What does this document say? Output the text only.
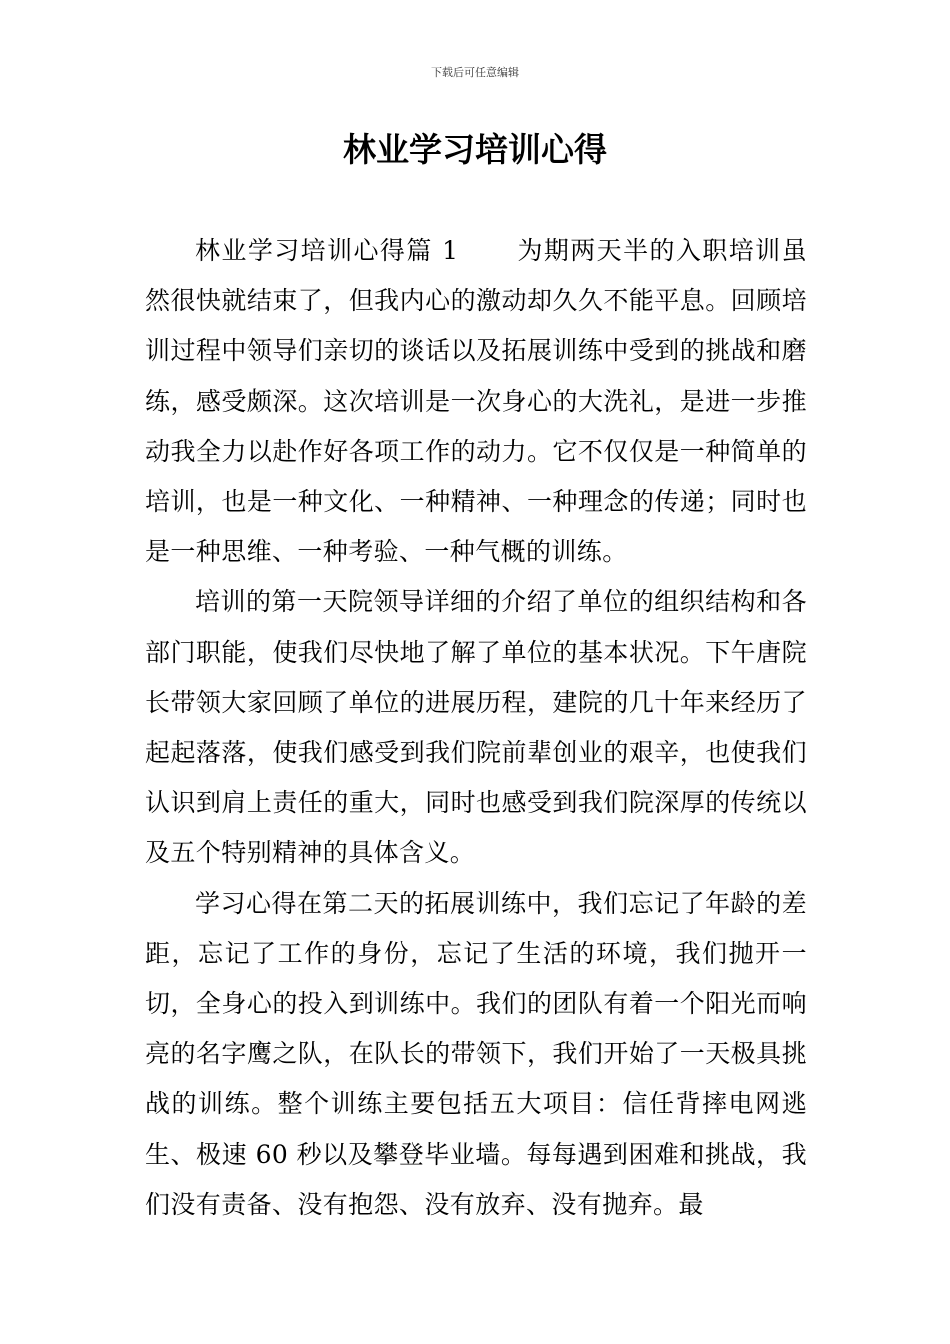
下载后可任意编辑
林业学习培训心得

林业学习培训心得篇 1 为期两天半的入职培训虽然很快就结束了，但我内心的激动却久久不能平息。回顾培训过程中领导们亲切的谈话以及拓展训练中受到的挑战和磨练，感受颇深。这次培训是一次身心的大洗礼，是进一步推动我全力以赴作好各项工作的动力。它不仅仅是一种简单的培训，也是一种文化、一种精神、一种理念的传递；同时也是一种思维、一种考验、一种气概的训练。

培训的第一天院领导详细的介绍了单位的组织结构和各部门职能，使我们尽快地了解了单位的基本状况。下午唐院长带领大家回顾了单位的进展历程，建院的几十年来经历了起起落落，使我们感受到我们院前辈创业的艰辛，也使我们认识到肩上责任的重大，同时也感受到我们院深厚的传统以及五个特别精神的具体含义。

学习心得在第二天的拓展训练中，我们忘记了年龄的差距，忘记了工作的身份，忘记了生活的环境，我们抛开一切，全身心的投入到训练中。我们的团队有着一个阳光而响亮的名字鹰之队，在队长的带领下，我们开始了一天极具挑战的训练。整个训练主要包括五大项目：信任背摔电网逃生、极速 60 秒以及攀登毕业墙。每每遇到困难和挑战，我们没有责备、没有抱怨、没有放弃、没有抛弃。最
